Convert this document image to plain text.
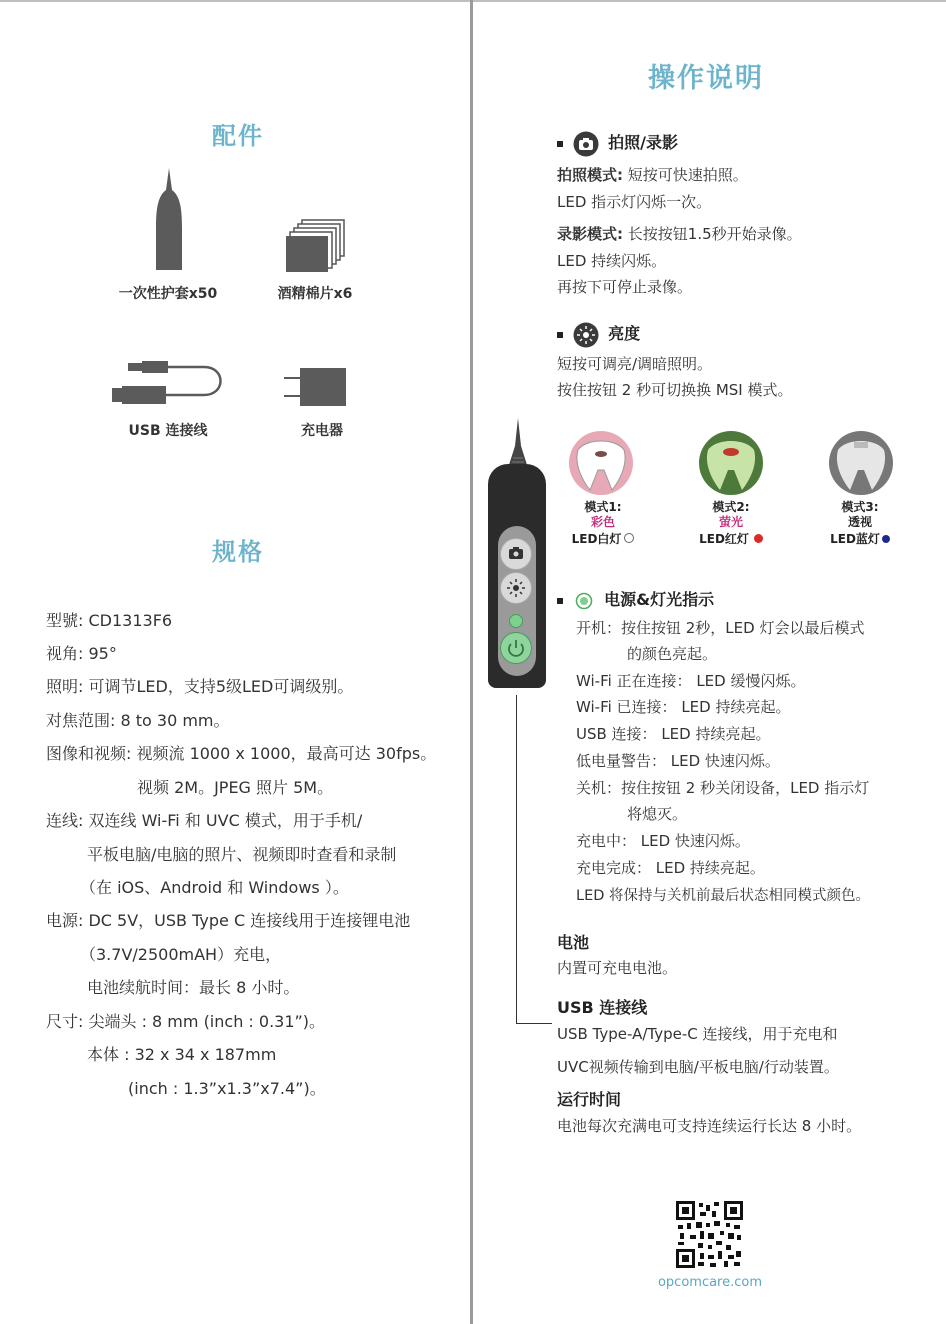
配件
一次性护套x50	酒精棉片x6
USB 连接线	充电器
规格
型號: CD1313F6
视角: 95°
照明: 可调节LED，支持5级LED可调级别。
对焦范围: 8 to 30 mm。
图像和视频: 视频流 1000 x 1000，最高可达 30fps。
视频 2M。JPEG 照片 5M。
连线: 双连线 Wi-Fi 和 UVC 模式，用于手机/
平板电脑/电脑的照片、视频即时查看和录制
（在 iOS、Android 和 Windows ）。
电源: DC 5V，USB Type C 连接线用于连接锂电池
（3.7V/2500mAH）充电，
电池续航时间：最长 8 小时。
尺寸: 尖端头 : 8 mm (inch : 0.31”)。
本体 : 32 x 34 x 187mm
(inch : 1.3”x1.3”x7.4”)。
操作说明
拍照/录影
拍照模式: 短按可快速拍照。
LED 指示灯闪烁一次。
录影模式: 长按按钮1.5秒开始录像。
LED 持续闪烁。
再按下可停止录像。
亮度
短按可调亮/调暗照明。
按住按钮 2 秒可切换换 MSI 模式。
模式1:
彩色
LED白灯
模式2:
萤光
LED红灯
模式3:
透视
LED蓝灯
电源&灯光指示
开机：按住按钮 2秒，LED 灯会以最后模式
的颜色亮起。
Wi-Fi 正在连接： LED 缓慢闪烁。
Wi-Fi 已连接： LED 持续亮起。
USB 连接： LED 持续亮起。
低电量警告： LED 快速闪烁。
关机：按住按钮 2 秒关闭设备，LED 指示灯
将熄灭。
充电中： LED 快速闪烁。
充电完成： LED 持续亮起。
LED 将保持与关机前最后状态相同模式颜色。
电池
内置可充电电池。
USB 连接线
USB Type-A/Type-C 连接线，用于充电和
UVC视频传输到电脑/平板电脑/行动装置。
运行时间
电池每次充满电可支持连续运行长达 8 小时。
opcomcare.com
